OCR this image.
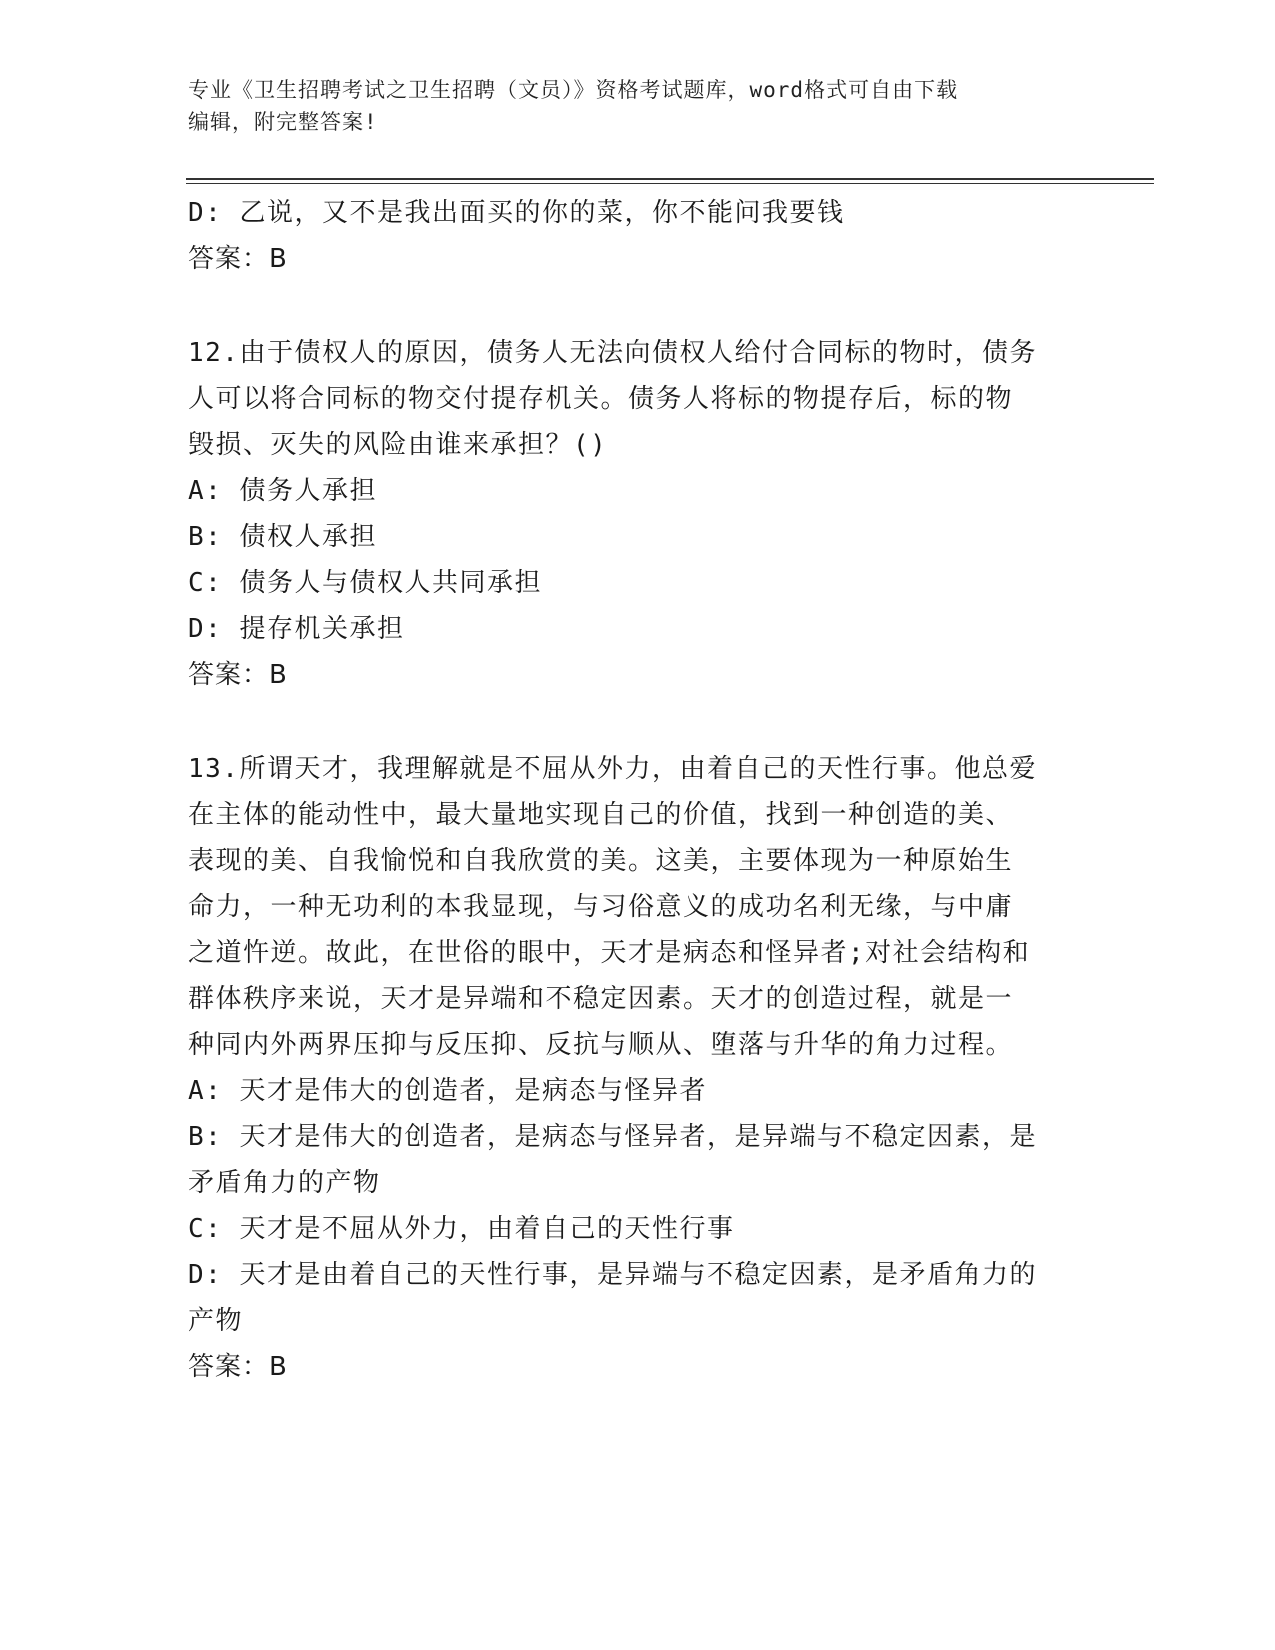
专业《卫生招聘考试之卫生招聘（文员）》资格考试题库，word格式可自由下载
编辑，附完整答案!
D: 乙说，又不是我出面买的你的菜，你不能问我要钱
答案：B
12.由于债权人的原因，债务人无法向债权人给付合同标的物时，债务
人可以将合同标的物交付提存机关。债务人将标的物提存后，标的物
毁损、灭失的风险由谁来承担？()
A: 债务人承担
B: 债权人承担
C: 债务人与债权人共同承担
D: 提存机关承担
答案：B
13.所谓天才，我理解就是不屈从外力，由着自己的天性行事。他总爱
在主体的能动性中，最大量地实现自己的价值，找到一种创造的美、
表现的美、自我愉悦和自我欣赏的美。这美，主要体现为一种原始生
命力，一种无功利的本我显现，与习俗意义的成功名利无缘，与中庸
之道忤逆。故此，在世俗的眼中，天才是病态和怪异者;对社会结构和
群体秩序来说，天才是异端和不稳定因素。天才的创造过程，就是一
种同内外两界压抑与反压抑、反抗与顺从、堕落与升华的角力过程。
A: 天才是伟大的创造者，是病态与怪异者
B: 天才是伟大的创造者，是病态与怪异者，是异端与不稳定因素，是
矛盾角力的产物
C: 天才是不屈从外力，由着自己的天性行事
D: 天才是由着自己的天性行事，是异端与不稳定因素，是矛盾角力的
产物
答案：B
